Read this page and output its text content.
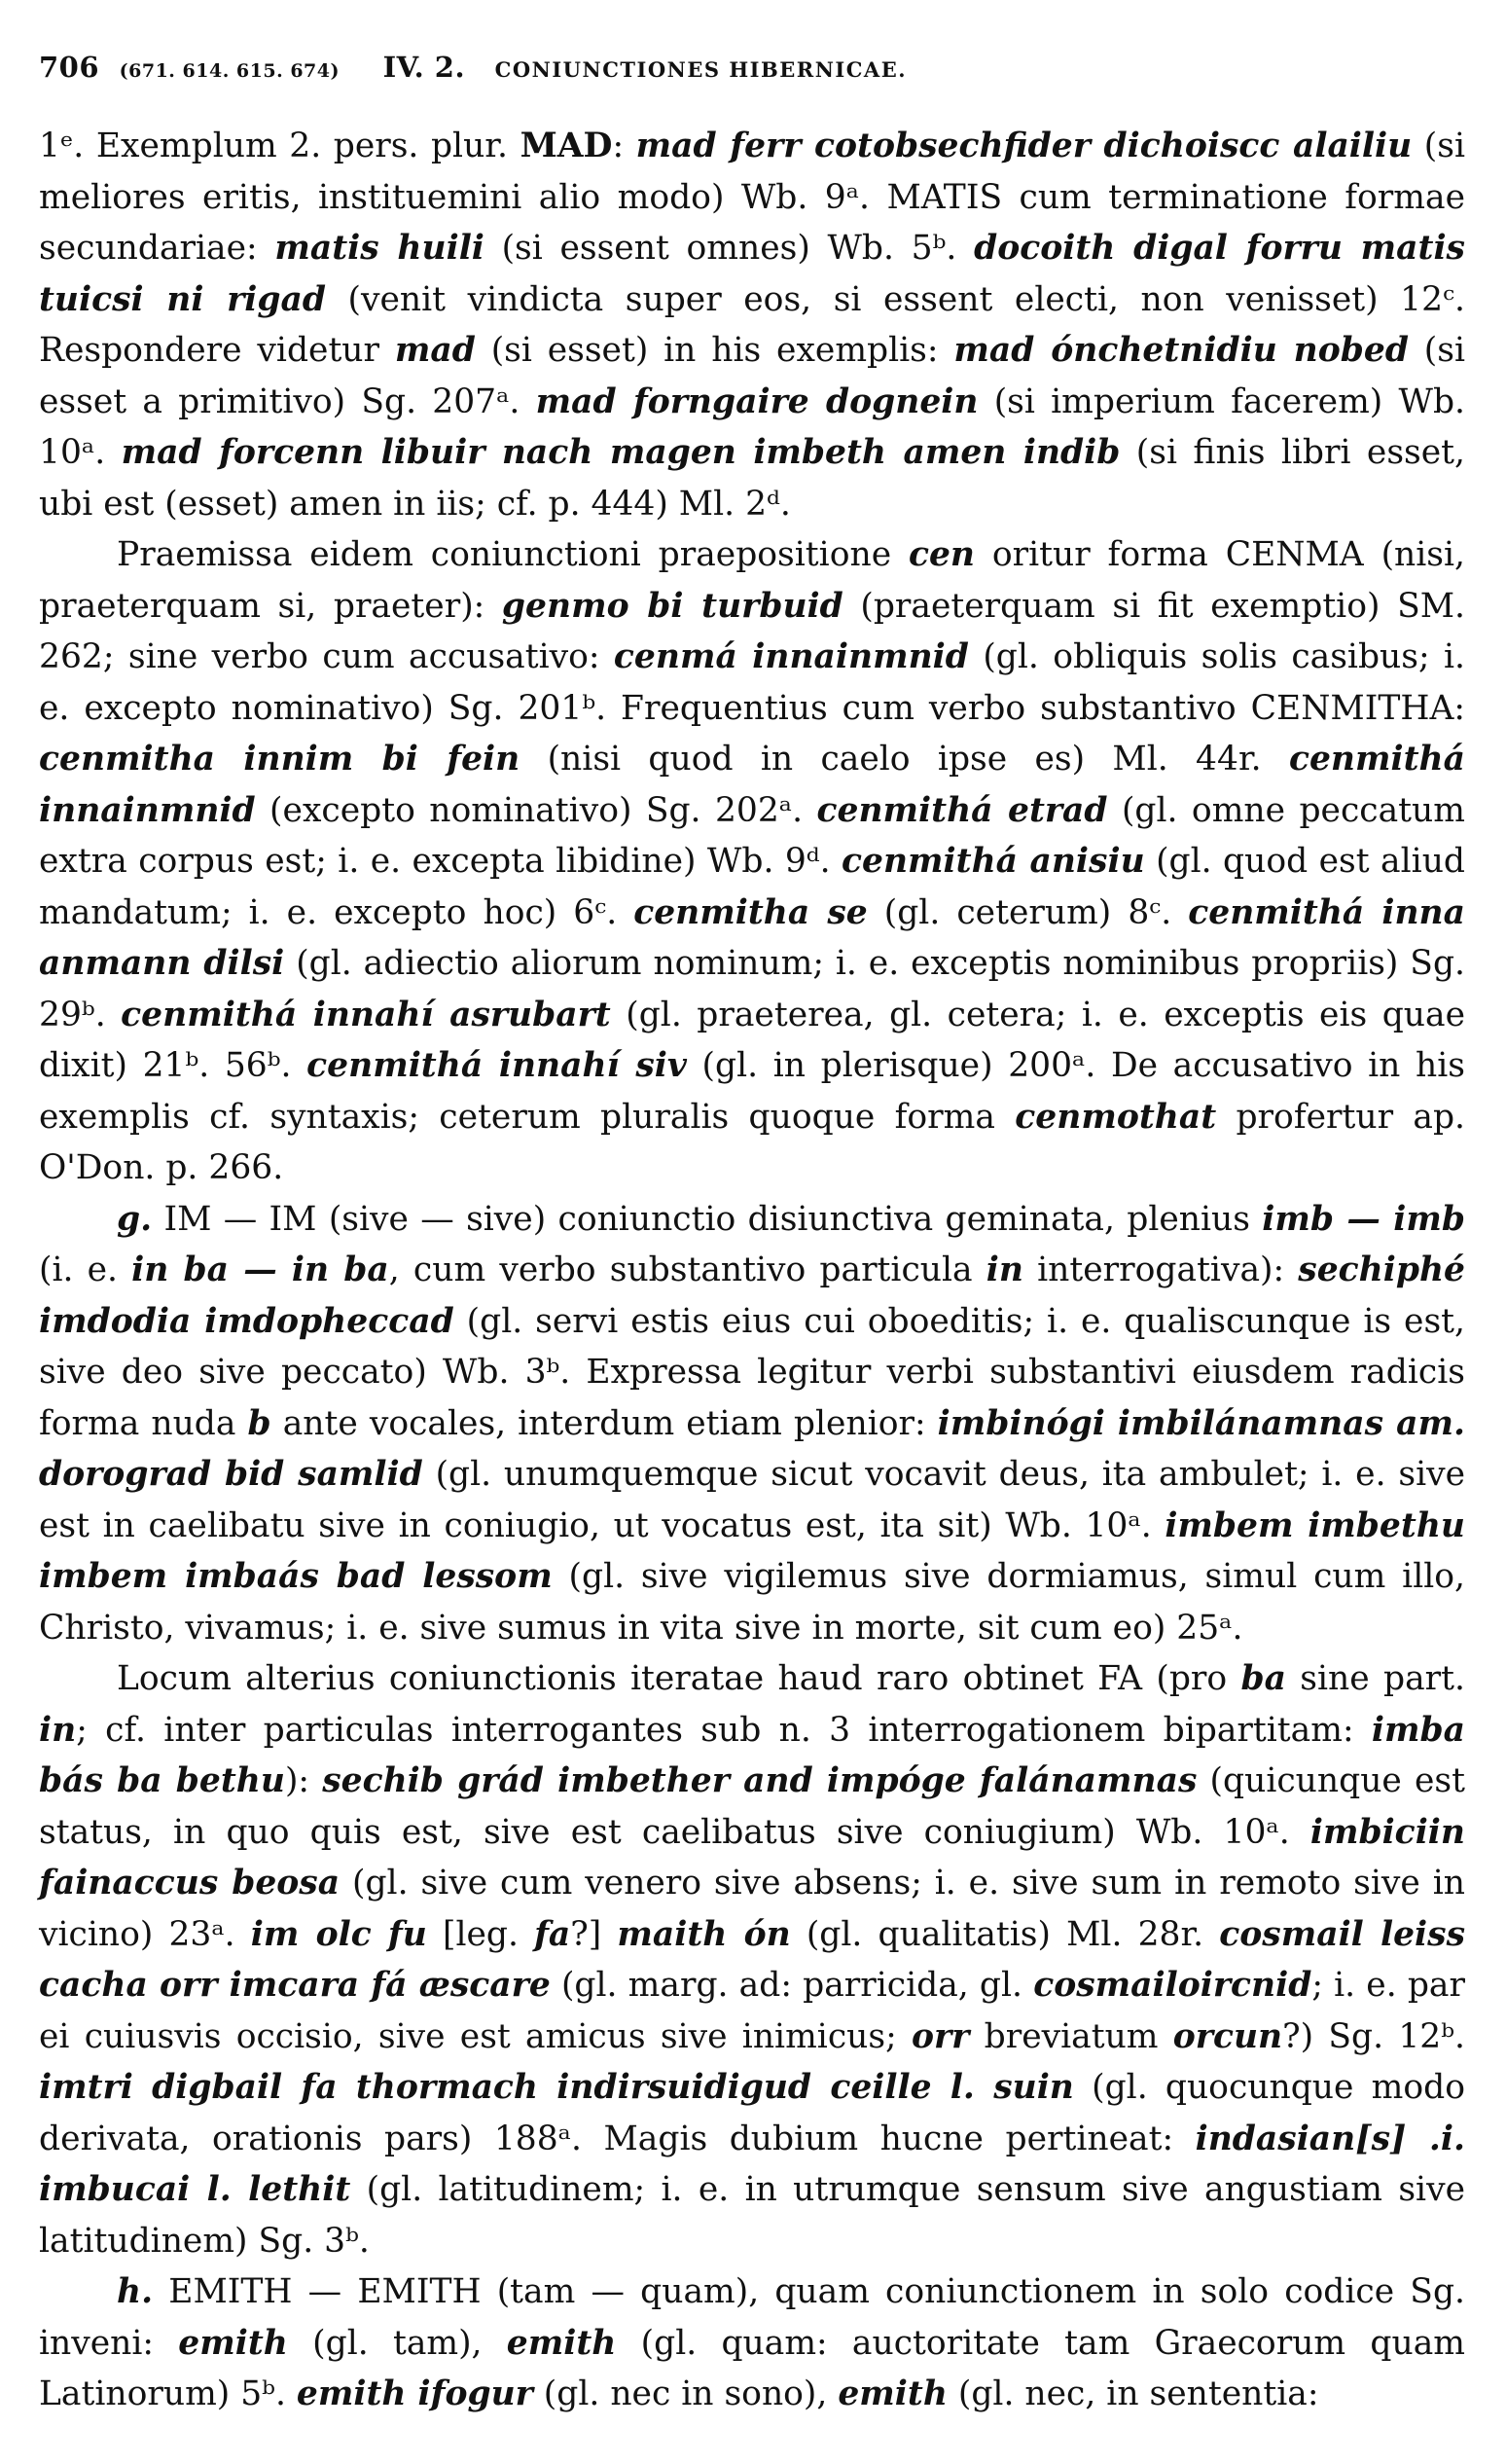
706 (671. 614. 615. 674) IV. 2. CONIUNCTIONES HIBERNICAE.

1ᵉ. Exemplum 2. pers. plur. MAD: mad ferr cotobsechfider dichoiscc alailiu (si meliores eritis, instituemini alio modo) Wb. 9ᵃ. MATIS cum terminatione formae secundariae: matis huili (si essent omnes) Wb. 5ᵇ. docoith digal forru matis tuicsi ni rigad (venit vindicta super eos, si essent electi, non venisset) 12ᶜ. Respondere videtur mad (si esset) in his exemplis: mad ónchetnidiu nobed (si esset a primitivo) Sg. 207ᵃ. mad forngaire dognein (si imperium facerem) Wb. 10ᵃ. mad forcenn libuir nach magen imbeth amen indib (si finis libri esset, ubi est (esset) amen in iis; cf. p. 444) Ml. 2ᵈ.

Praemissa eidem coniunctioni praepositione cen oritur forma CENMA (nisi, praeterquam si, praeter): genmo bi turbuid (praeterquam si fit exemptio) SM. 262; sine verbo cum accusativo: cenmá innainmnid (gl. obliquis solis casibus; i. e. excepto nominativo) Sg. 201ᵇ. Frequentius cum verbo substantivo CENMITHA: cenmitha innim bi fein (nisi quod in caelo ipse es) Ml. 44r. cenmithá innainmnid (excepto nominativo) Sg. 202ᵃ. cenmithá etrad (gl. omne peccatum extra corpus est; i. e. excepta libidine) Wb. 9ᵈ. cenmithá anisiu (gl. quod est aliud mandatum; i. e. excepto hoc) 6ᶜ. cenmitha se (gl. ceterum) 8ᶜ. cenmithá inna anmann dilsi (gl. adiectio aliorum nominum; i. e. exceptis nominibus propriis) Sg. 29ᵇ. cenmithá innahí asrubart (gl. praeterea, gl. cetera; i. e. exceptis eis quae dixit) 21ᵇ. 56ᵇ. cenmithá innahí siv (gl. in plerisque) 200ᵃ. De accusativo in his exemplis cf. syntaxis; ceterum pluralis quoque forma cenmothat profertur ap. O'Don. p. 266.

g. IM — IM (sive — sive) coniunctio disiunctiva geminata, plenius imb — imb (i. e. in ba — in ba, cum verbo substantivo particula in interrogativa): sechiphé imdodia imdopheccad (gl. servi estis eius cui oboeditis; i. e. qualiscunque is est, sive deo sive peccato) Wb. 3ᵇ. Expressa legitur verbi substantivi eiusdem radicis forma nuda b ante vocales, interdum etiam plenior: imbinógi imbilánamnas am. dorograd bid samlid (gl. unumquemque sicut vocavit deus, ita ambulet; i. e. sive est in caelibatu sive in coniugio, ut vocatus est, ita sit) Wb. 10ᵃ. imbem imbethu imbem imbaás bad lessom (gl. sive vigilemus sive dormiamus, simul cum illo, Christo, vivamus; i. e. sive sumus in vita sive in morte, sit cum eo) 25ᵃ.

Locum alterius coniunctionis iteratae haud raro obtinet FA (pro ba sine part. in; cf. inter particulas interrogantes sub n. 3 interrogationem bipartitam: imba bás ba bethu): sechib grád imbether and impóge falánamnas (quicunque est status, in quo quis est, sive est caelibatus sive coniugium) Wb. 10ᵃ. imbiciin fainaccus beosa (gl. sive cum venero sive absens; i. e. sive sum in remoto sive in vicino) 23ᵃ. im olc fu [leg. fa?] maith ón (gl. qualitatis) Ml. 28r. cosmail leiss cacha orr imcara fá æscare (gl. marg. ad: parricida, gl. cosmailoircnid; i. e. par ei cuiusvis occisio, sive est amicus sive inimicus; orr breviatum orcun?) Sg. 12ᵇ. imtri digbail fa thormach indirsuidigud ceille l. suin (gl. quocunque modo derivata, orationis pars) 188ᵃ. Magis dubium hucne pertineat: indasian[s] .i. imbucai l. lethit (gl. latitudinem; i. e. in utrumque sensum sive angustiam sive latitudinem) Sg. 3ᵇ.

h. EMITH — EMITH (tam — quam), quam coniunctionem in solo codice Sg. inveni: emith (gl. tam), emith (gl. quam: auctoritate tam Graecorum quam Latinorum) 5ᵇ. emith ifogur (gl. nec in sono), emith (gl. nec, in sententia:
